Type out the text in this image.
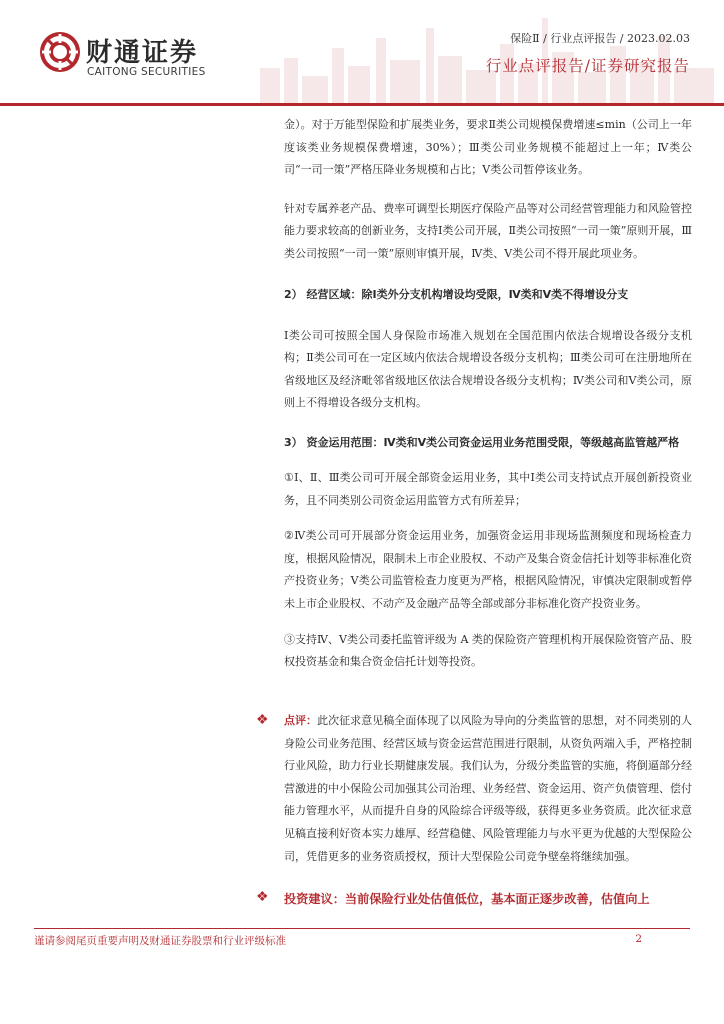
财通证券
CAITONG SECURITIES
保险Ⅱ / 行业点评报告 / 2023.02.03
行业点评报告/证券研究报告

金）。对于万能型保险和扩展类业务，要求Ⅱ类公司规模保费增速≤min（公司上一年度该类业务规模保费增速，30%）；Ⅲ类公司业务规模不能超过上一年；Ⅳ类公司“一司一策”严格压降业务规模和占比；Ⅴ类公司暂停该业务。

针对专属养老产品、费率可调型长期医疗保险产品等对公司经营管理能力和风险管控能力要求较高的创新业务，支持Ⅰ类公司开展，Ⅱ类公司按照“一司一策”原则开展，Ⅲ类公司按照“一司一策”原则审慎开展，Ⅳ类、Ⅴ类公司不得开展此项业务。

2） 经营区域：除Ⅰ类外分支机构增设均受限，Ⅳ类和Ⅴ类不得增设分支

Ⅰ类公司可按照全国人身保险市场准入规划在全国范围内依法合规增设各级分支机构；Ⅱ类公司可在一定区域内依法合规增设各级分支机构；Ⅲ类公司可在注册地所在省级地区及经济毗邻省级地区依法合规增设各级分支机构；Ⅳ类公司和Ⅴ类公司，原则上不得增设各级分支机构。

3） 资金运用范围：Ⅳ类和Ⅴ类公司资金运用业务范围受限，等级越高监管越严格

①Ⅰ、Ⅱ、Ⅲ类公司可开展全部资金运用业务，其中Ⅰ类公司支持试点开展创新投资业务，且不同类别公司资金运用监管方式有所差异；

②Ⅳ类公司可开展部分资金运用业务，加强资金运用非现场监测频度和现场检查力度，根据风险情况，限制未上市企业股权、不动产及集合资金信托计划等非标准化资产投资业务；Ⅴ类公司监管检查力度更为严格，根据风险情况，审慎决定限制或暂停未上市企业股权、不动产及金融产品等全部或部分非标准化资产投资业务。

③支持Ⅳ、Ⅴ类公司委托监管评级为 A 类的保险资产管理机构开展保险资管产品、股权投资基金和集合资金信托计划等投资。

❖ 点评：此次征求意见稿全面体现了以风险为导向的分类监管的思想，对不同类别的人身险公司业务范围、经营区域与资金运营范围进行限制，从资负两端入手，严格控制行业风险，助力行业长期健康发展。我们认为，分级分类监管的实施，将倒逼部分经营激进的中小保险公司加强其公司治理、业务经营、资金运用、资产负债管理、偿付能力管理水平，从而提升自身的风险综合评级等级，获得更多业务资质。此次征求意见稿直接利好资本实力雄厚、经营稳健、风险管理能力与水平更为优越的大型保险公司，凭借更多的业务资质授权，预计大型保险公司竞争壁垒将继续加强。
❖ 投资建议：当前保险行业处估值低位，基本面正逐步改善，估值向上
谨请参阅尾页重要声明及财通证券股票和行业评级标准	2
